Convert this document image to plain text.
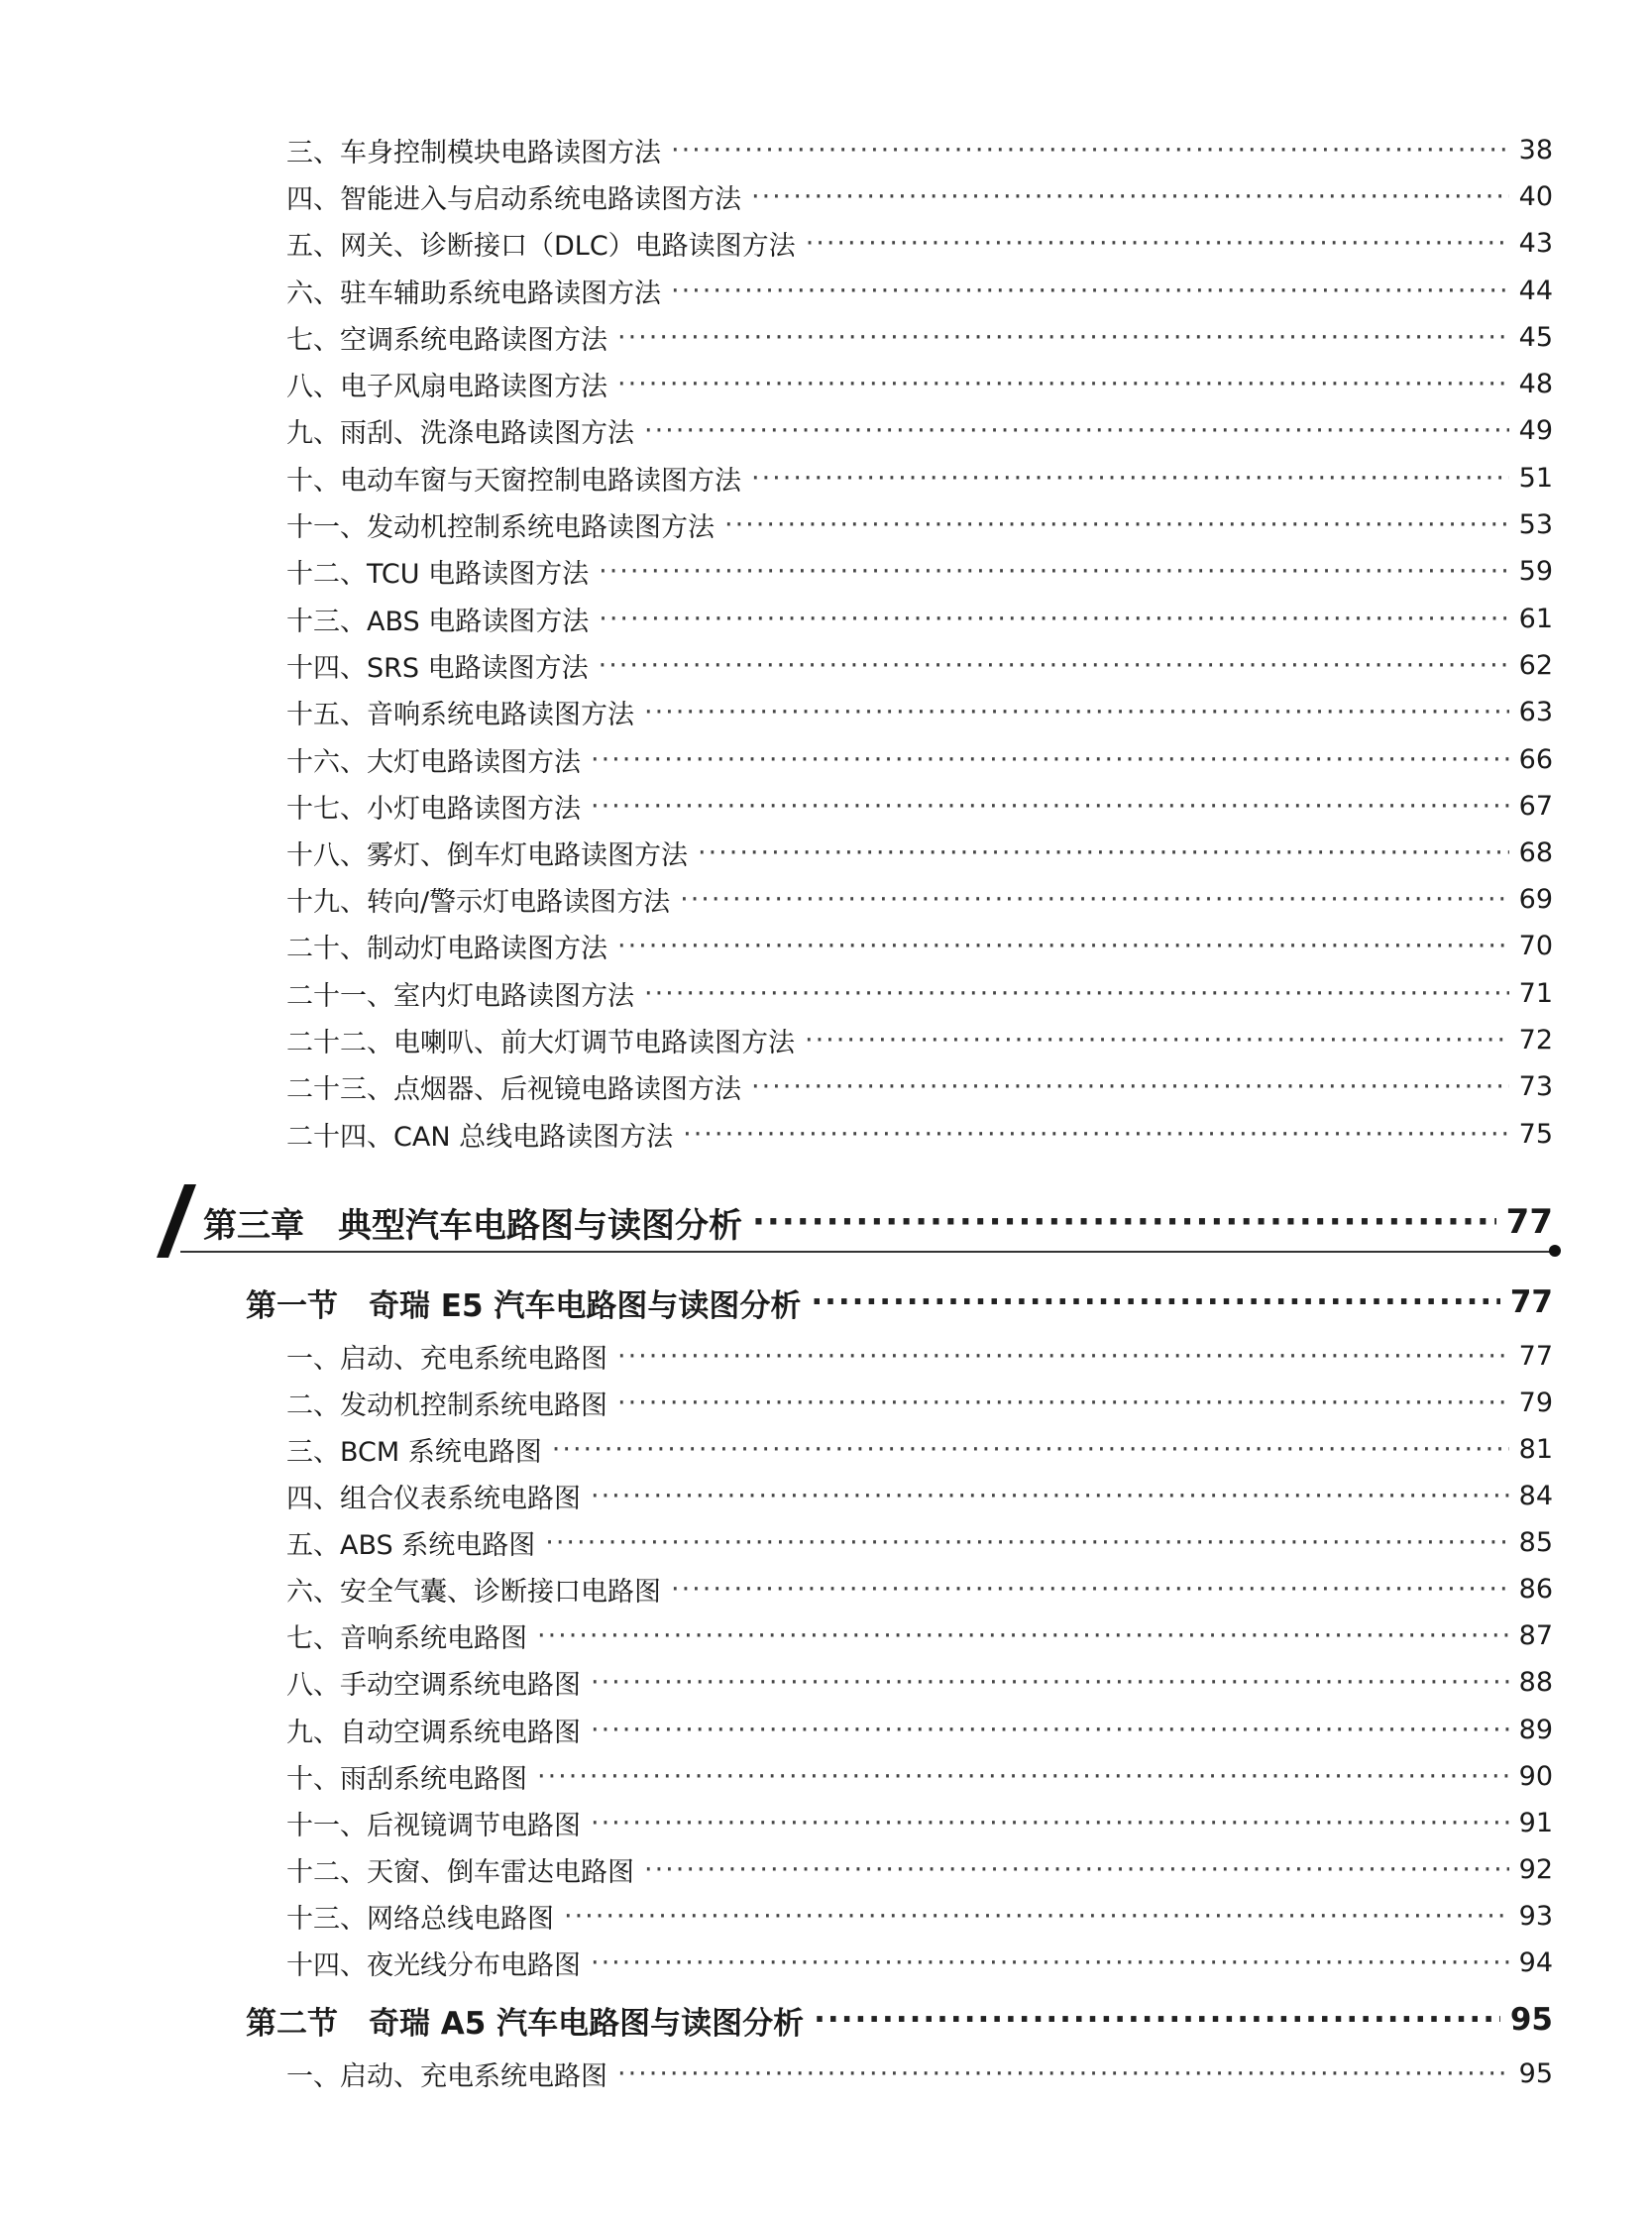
三、车身控制模块电路读图方法 ·····	38
四、智能进入与启动系统电路读图方法 ·····	40
五、网关、诊断接口（DLC）电路读图方法 ·····	43
六、驻车辅助系统电路读图方法 ·····	44
七、空调系统电路读图方法 ·····	45
八、电子风扇电路读图方法 ·····	48
九、雨刮、洗涤电路读图方法 ·····	49
十、电动车窗与天窗控制电路读图方法 ·····	51
十一、发动机控制系统电路读图方法 ·····	53
十二、TCU 电路读图方法 ·····	59
十三、ABS 电路读图方法 ·····	61
十四、SRS 电路读图方法 ·····	62
十五、音响系统电路读图方法 ·····	63
十六、大灯电路读图方法 ·····	66
十七、小灯电路读图方法 ·····	67
十八、雾灯、倒车灯电路读图方法 ·····	68
十九、转向/警示灯电路读图方法 ·····	69
二十、制动灯电路读图方法 ·····	70
二十一、室内灯电路读图方法 ·····	71
二十二、电喇叭、前大灯调节电路读图方法 ·····	72
二十三、点烟器、后视镜电路读图方法 ·····	73
二十四、CAN 总线电路读图方法 ·····	75
第三章　典型汽车电路图与读图分析 ·····	77
第一节　奇瑞 E5 汽车电路图与读图分析 ·····	77
一、启动、充电系统电路图 ·····	77
二、发动机控制系统电路图 ·····	79
三、BCM 系统电路图 ·····	81
四、组合仪表系统电路图 ·····	84
五、ABS 系统电路图 ·····	85
六、安全气囊、诊断接口电路图 ·····	86
七、音响系统电路图 ·····	87
八、手动空调系统电路图 ·····	88
九、自动空调系统电路图 ·····	89
十、雨刮系统电路图 ·····	90
十一、后视镜调节电路图 ·····	91
十二、天窗、倒车雷达电路图 ·····	92
十三、网络总线电路图 ·····	93
十四、夜光线分布电路图 ·····	94
第二节　奇瑞 A5 汽车电路图与读图分析 ·····	95
一、启动、充电系统电路图 ·····	95
